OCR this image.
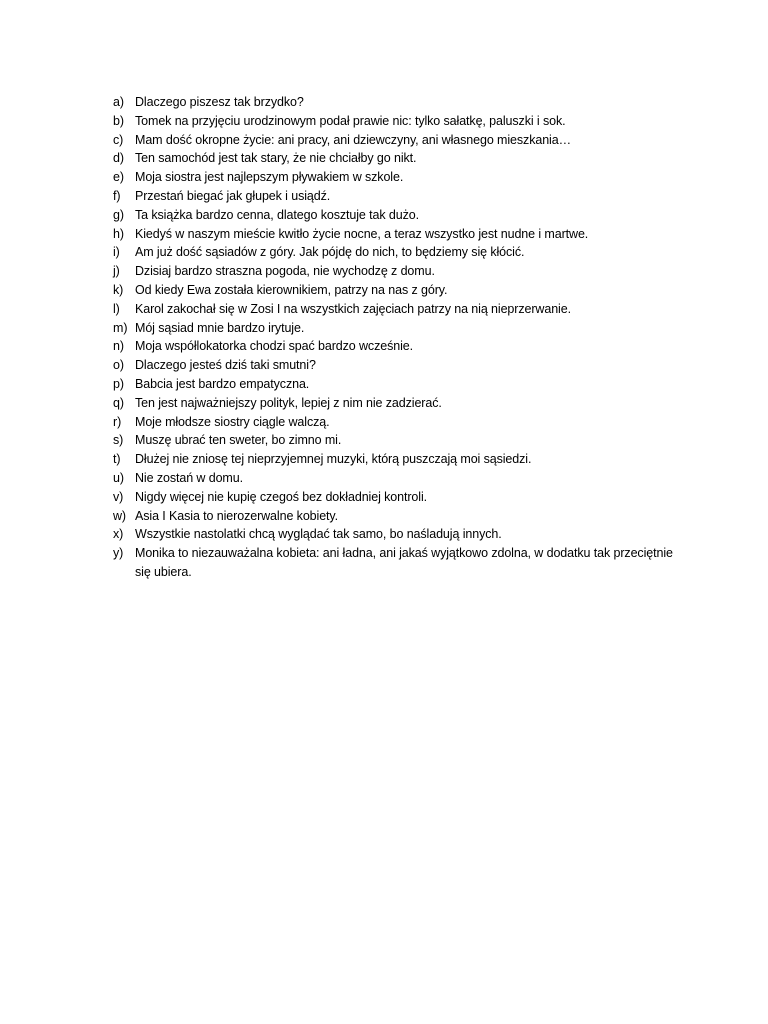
a) Dlaczego piszesz tak brzydko?
b) Tomek na przyjęciu urodzinowym podał prawie nic: tylko sałatkę, paluszki i sok.
c) Mam dość okropne życie: ani pracy, ani dziewczyny, ani własnego mieszkania…
d) Ten samochód jest tak stary, że nie chciałby go nikt.
e) Moja siostra jest najlepszym pływakiem w szkole.
f)	Przestań biegać jak głupek i usiądź.
g) Ta książka bardzo cenna, dlatego kosztuje tak dużo.
h) Kiedyś w naszym mieście kwitło życie nocne, a teraz wszystko jest nudne i martwe.
i)	Am już dość sąsiadów z góry. Jak pójdę do nich, to będziemy się kłócić.
j)	Dzisiaj bardzo straszna pogoda, nie wychodzę z domu.
k) Od kiedy Ewa została kierownikiem, patrzy na nas z góry.
l)	Karol zakochał się w Zosi I na wszystkich zajęciach patrzy na nią nieprzerwanie.
m) Mój sąsiad mnie bardzo irytuje.
n) Moja współlokatorka chodzi spać bardzo wcześnie.
o) Dlaczego jesteś dziś taki smutni?
p) Babcia jest bardzo empatyczna.
q) Ten jest najważniejszy polityk, lepiej z nim nie zadzierać.
r)	Moje młodsze siostry ciągle walczą.
s) Muszę ubrać ten sweter, bo zimno mi.
t)	Dłużej nie zniosę tej nieprzyjemnej muzyki, którą puszczają moi sąsiedzi.
u) Nie zostań w domu.
v) Nigdy więcej nie kupię czegoś bez dokładniej kontroli.
w) Asia I Kasia to nierozerwalne kobiety.
x) Wszystkie nastolatki chcą wyglądać tak samo, bo naśladują innych.
y) Monika to niezauważalna kobieta: ani ładna, ani jakaś wyjątkowo zdolna, w dodatku tak przeciętnie się ubiera.
